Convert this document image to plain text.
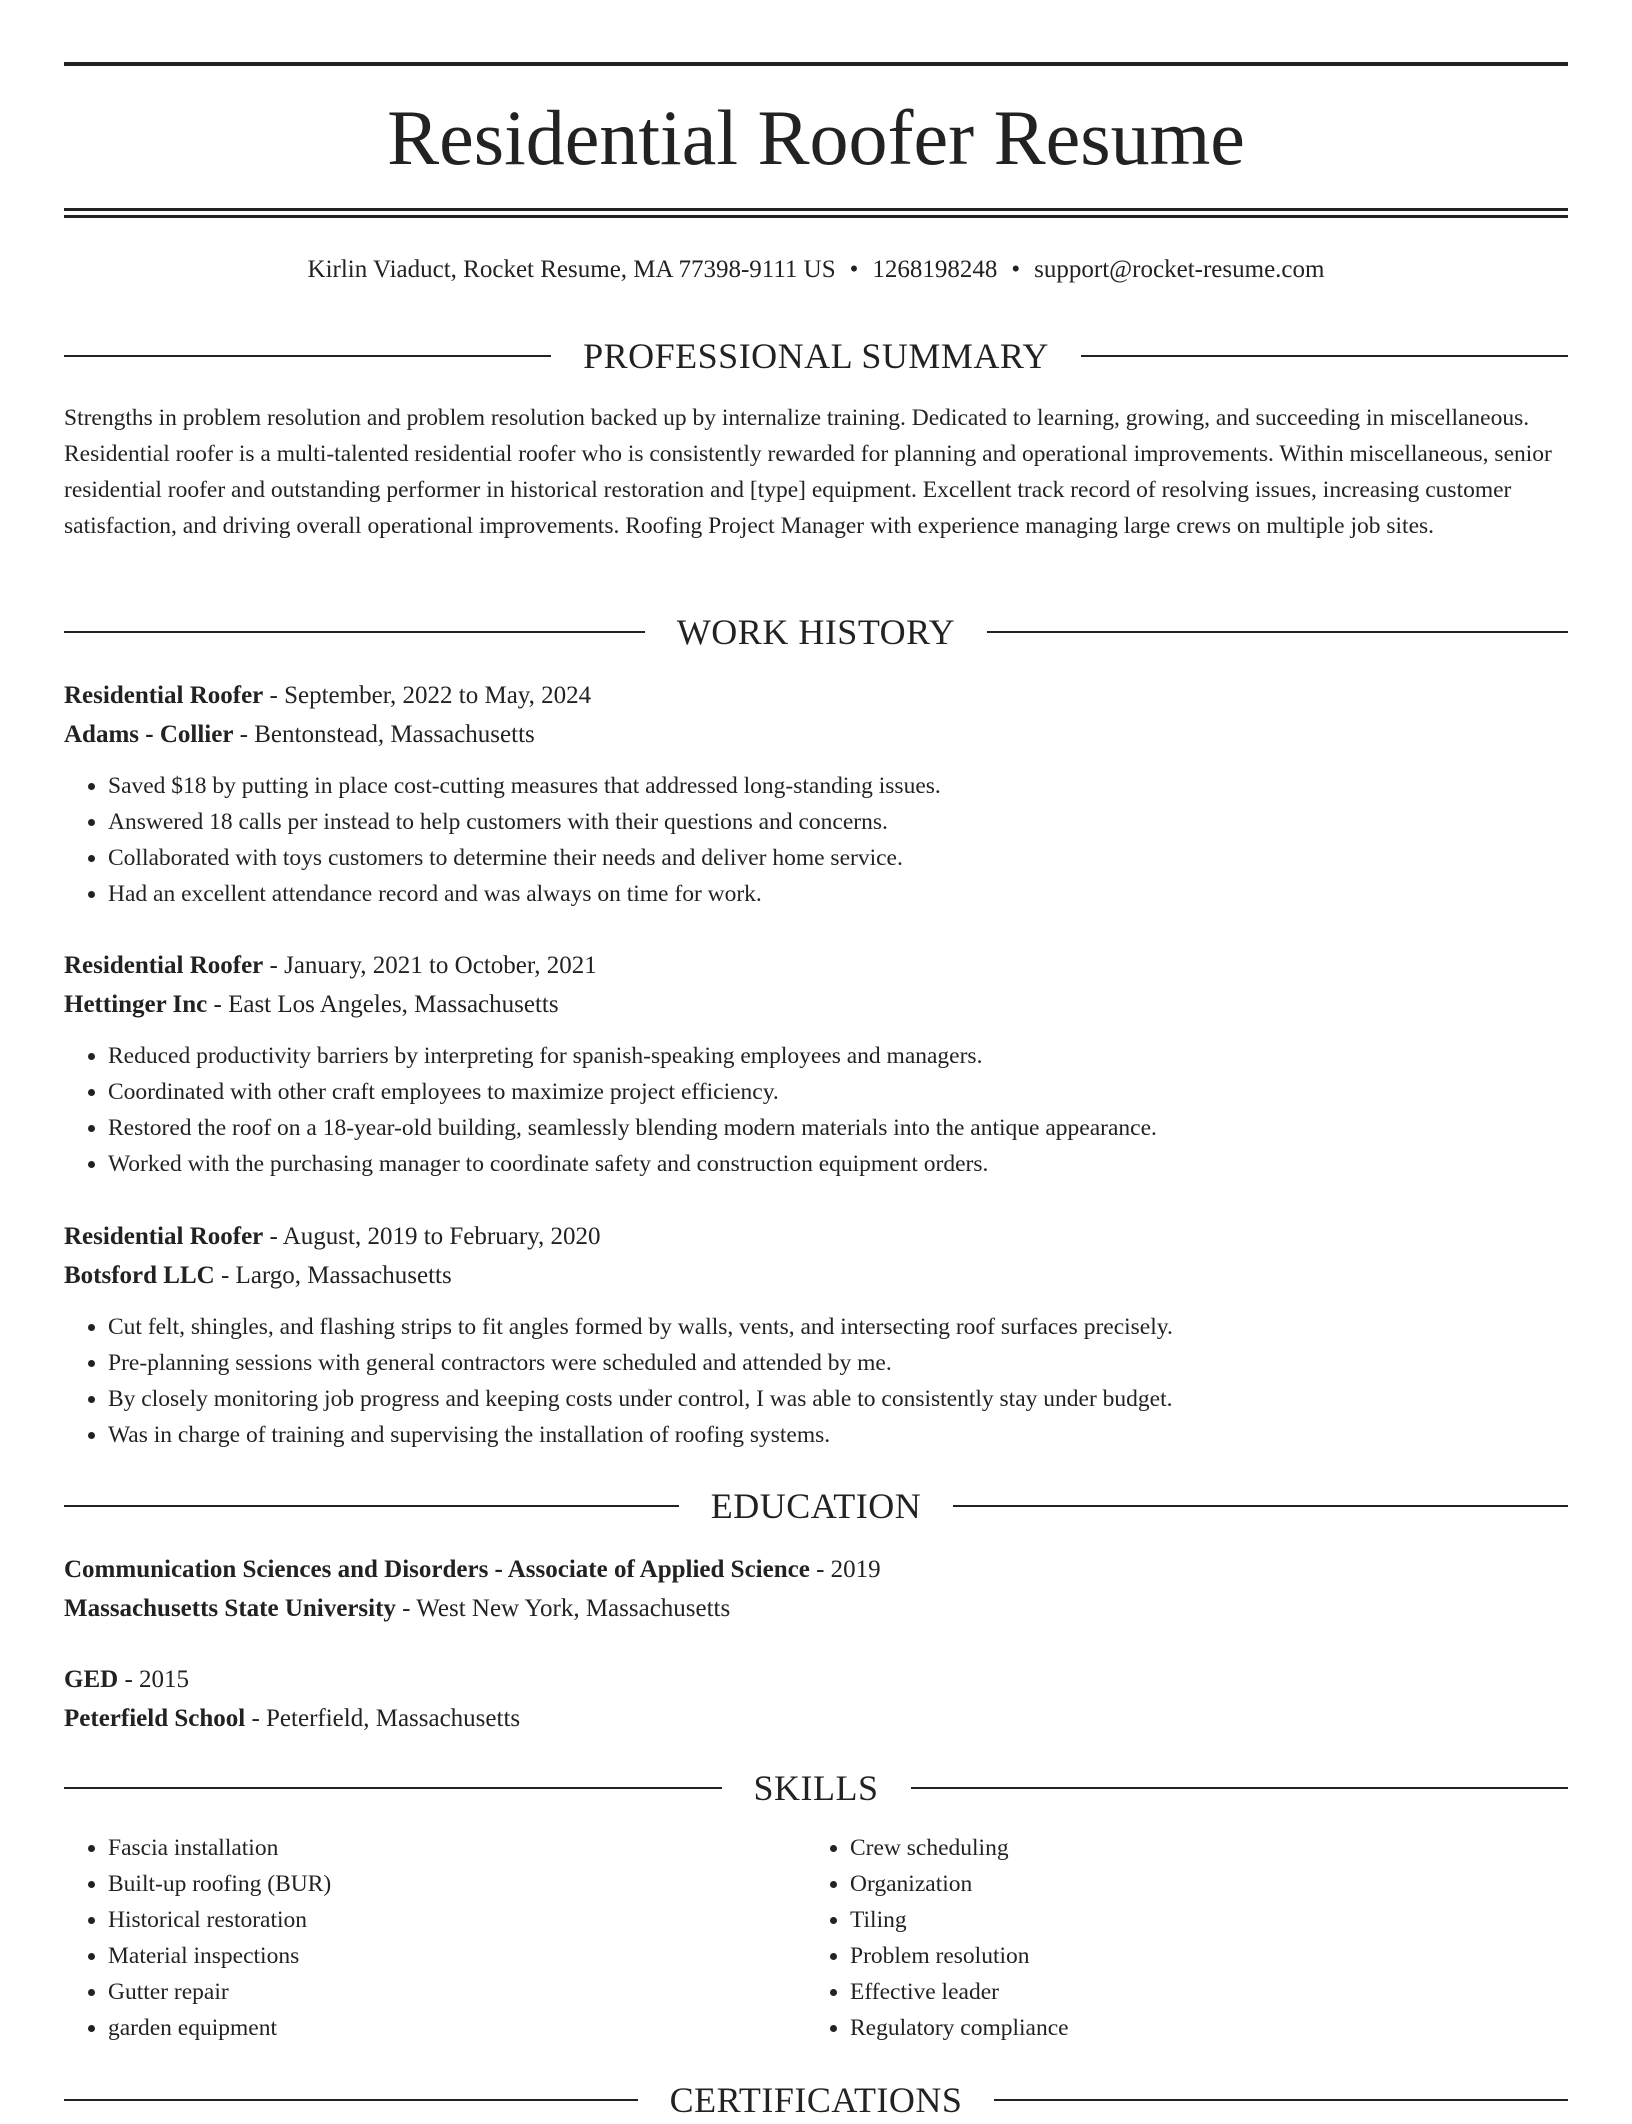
Residential Roofer Resume
Kirlin Viaduct, Rocket Resume, MA 77398-9111 US • 1268198248 • support@rocket-resume.com
PROFESSIONAL SUMMARY

Strengths in problem resolution and problem resolution backed up by internalize training. Dedicated to learning, growing, and succeeding in miscellaneous. Residential roofer is a multi-talented residential roofer who is consistently rewarded for planning and operational improvements. Within miscellaneous, senior residential roofer and outstanding performer in historical restoration and [type] equipment. Excellent track record of resolving issues, increasing customer satisfaction, and driving overall operational improvements. Roofing Project Manager with experience managing large crews on multiple job sites.

WORK HISTORY

Residential Roofer - September, 2022 to May, 2024

Adams - Collier - Bentonstead, Massachusetts

• Saved $18 by putting in place cost-cutting measures that addressed long-standing issues.
• Answered 18 calls per instead to help customers with their questions and concerns.
• Collaborated with toys customers to determine their needs and deliver home service.
• Had an excellent attendance record and was always on time for work.

Residential Roofer - January, 2021 to October, 2021

Hettinger Inc - East Los Angeles, Massachusetts

• Reduced productivity barriers by interpreting for spanish-speaking employees and managers.
• Coordinated with other craft employees to maximize project efficiency.
• Restored the roof on a 18-year-old building, seamlessly blending modern materials into the antique appearance.
• Worked with the purchasing manager to coordinate safety and construction equipment orders.

Residential Roofer - August, 2019 to February, 2020

Botsford LLC - Largo, Massachusetts

• Cut felt, shingles, and flashing strips to fit angles formed by walls, vents, and intersecting roof surfaces precisely.
• Pre-planning sessions with general contractors were scheduled and attended by me.
• By closely monitoring job progress and keeping costs under control, I was able to consistently stay under budget.
• Was in charge of training and supervising the installation of roofing systems.
EDUCATION

Communication Sciences and Disorders - Associate of Applied Science - 2019

Massachusetts State University - West New York, Massachusetts

GED - 2015

Peterfield School - Peterfield, Massachusetts

SKILLS
• Fascia installation
• Built-up roofing (BUR)
• Historical restoration
• Material inspections
• Gutter repair
• garden equipment
• Crew scheduling
• Organization
• Tiling
• Problem resolution
• Effective leader
• Regulatory compliance
CERTIFICATIONS
